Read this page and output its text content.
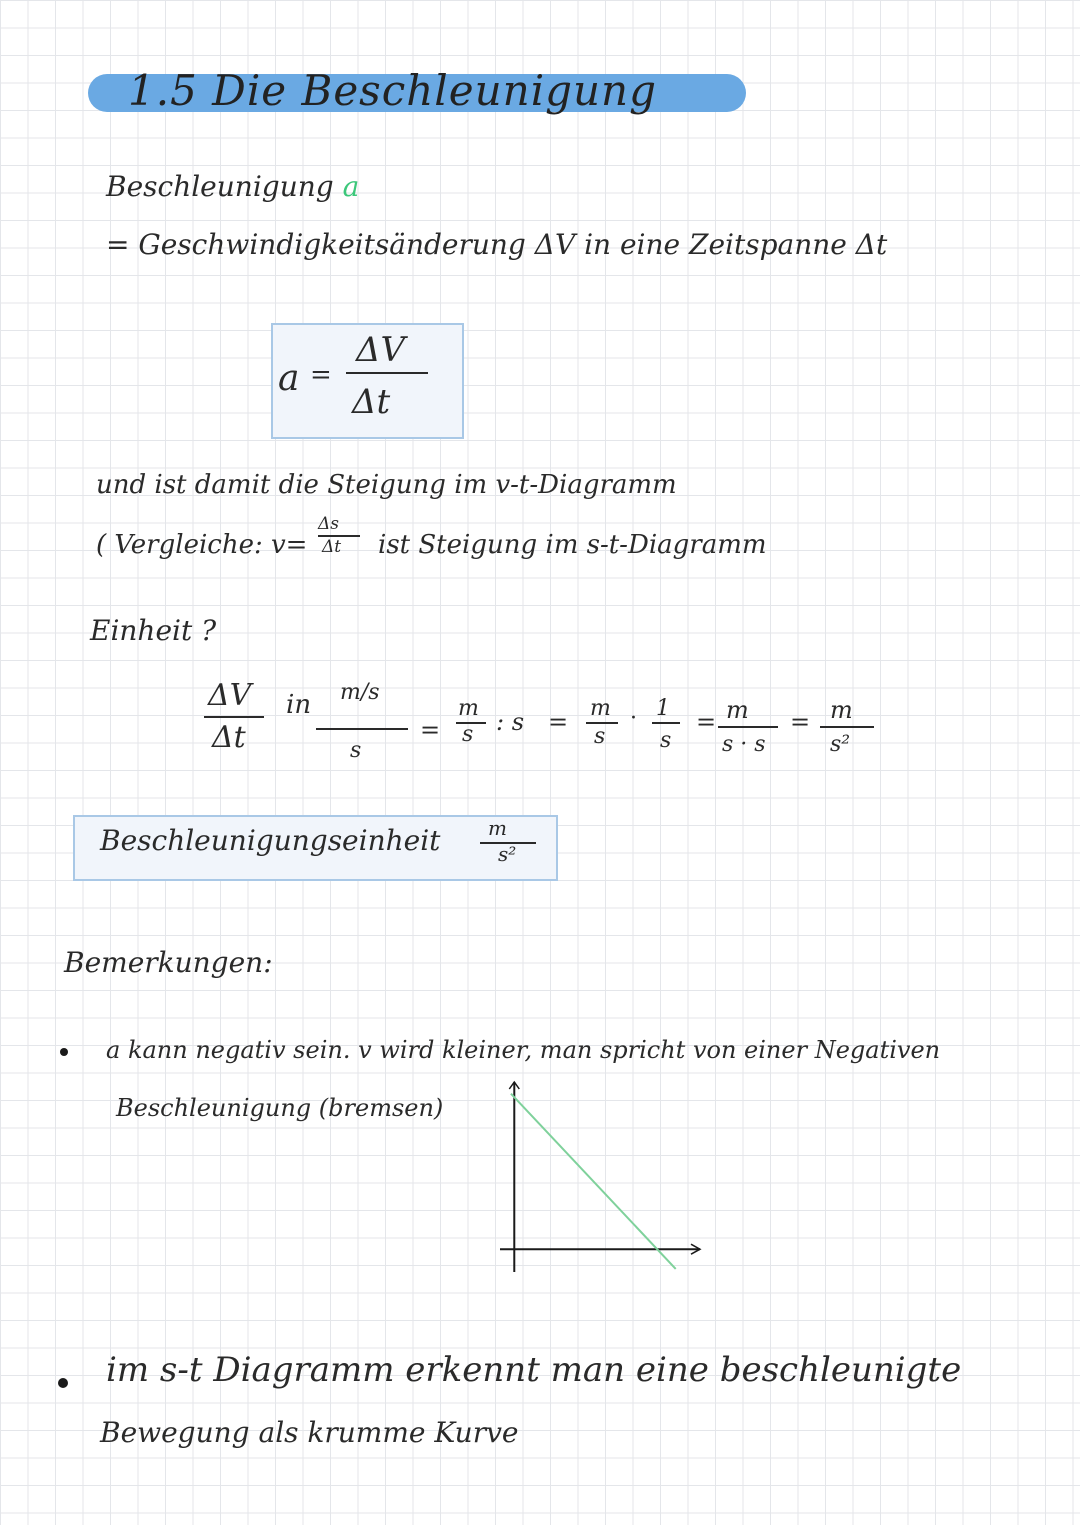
1.5 Die Beschleunigung
Beschleunigung a
= Geschwindigkeitsänderung ΔV in eine Zeitspanne Δt
a =
ΔV
Δt
und ist damit die Steigung im v-t-Diagramm
( Vergleiche: v=
Δs
Δt ist Steigung im s-t-Diagramm
Einheit ?
ΔV
Δt
in m/s
s
=
m
s : s = m
s
· 1
s
= m
s · s
= m
s²
Beschleunigungseinheit m
s²
Bemerkungen:
a kann negativ sein. v wird kleiner, man spricht von einer Negativen
Beschleunigung (bremsen)
im s-t Diagramm erkennt man eine beschleunigte
Bewegung als krumme Kurve
